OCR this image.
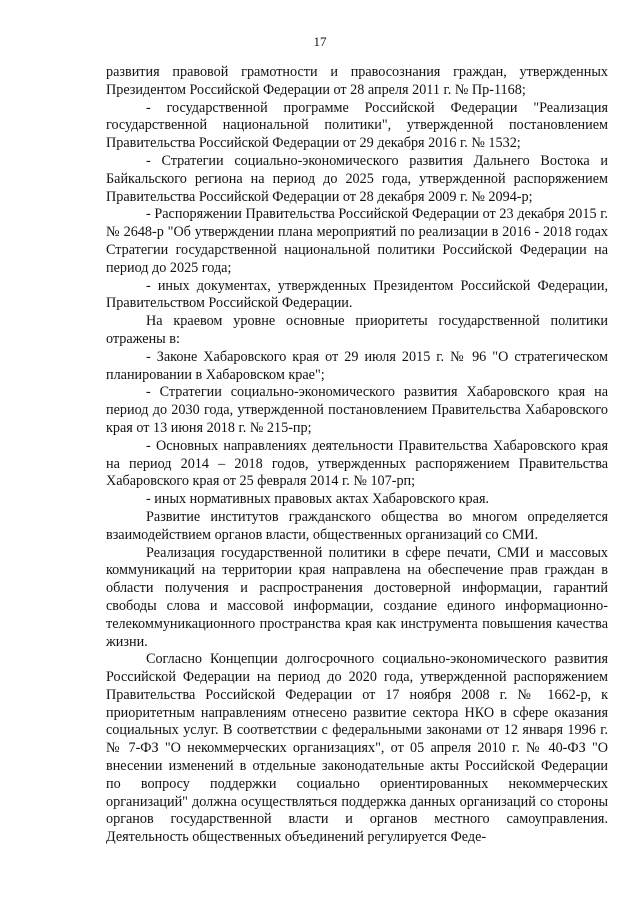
17

развития правовой грамотности и правосознания граждан, утвержденных Президентом Российской Федерации от 28 апреля 2011 г. № Пр-1168;

- государственной программе Российской Федерации "Реализация государственной национальной политики", утвержденной постановлением Правительства Российской Федерации от 29 декабря 2016 г. № 1532;

- Стратегии социально-экономического развития Дальнего Востока и Байкальского региона на период до 2025 года, утвержденной распоряжением Правительства Российской Федерации от 28 декабря 2009 г. № 2094-р;

- Распоряжении Правительства Российской Федерации от 23 декабря 2015 г. № 2648-р "Об утверждении плана мероприятий по реализации в 2016 - 2018 годах Стратегии государственной национальной политики Российской Федерации на период до 2025 года;

- иных документах, утвержденных Президентом Российской Федерации, Правительством Российской Федерации.

На краевом уровне основные приоритеты государственной политики отражены в:

- Законе Хабаровского края от 29 июля 2015 г. № 96 "О стратегическом планировании в Хабаровском крае";

- Стратегии социально-экономического развития Хабаровского края на период до 2030 года, утвержденной постановлением Правительства Хабаровского края от 13 июня 2018 г. № 215-пр;

- Основных направлениях деятельности Правительства Хабаровского края на период 2014 – 2018 годов, утвержденных распоряжением Правительства Хабаровского края от 25 февраля 2014 г. № 107-рп;

- иных нормативных правовых актах Хабаровского края.

Развитие институтов гражданского общества во многом определяется взаимодействием органов власти, общественных организаций со СМИ.

Реализация государственной политики в сфере печати, СМИ и массовых коммуникаций на территории края направлена на обеспечение прав граждан в области получения и распространения достоверной информации, гарантий свободы слова и массовой информации, создание единого информационно-телекоммуникационного пространства края как инструмента повышения качества жизни.

Согласно Концепции долгосрочного социально-экономического развития Российской Федерации на период до 2020 года, утвержденной распоряжением Правительства Российской Федерации от 17 ноября 2008 г. № 1662-р, к приоритетным направлениям отнесено развитие сектора НКО в сфере оказания социальных услуг. В соответствии с федеральными законами от 12 января 1996 г. № 7-ФЗ "О некоммерческих организациях", от 05 апреля 2010 г. № 40-ФЗ "О внесении изменений в отдельные законодательные акты Российской Федерации по вопросу поддержки социально ориентированных некоммерческих организаций" должна осуществляться поддержка данных организаций со стороны органов государственной власти и органов местного самоуправления. Деятельность общественных объединений регулируется Феде-
